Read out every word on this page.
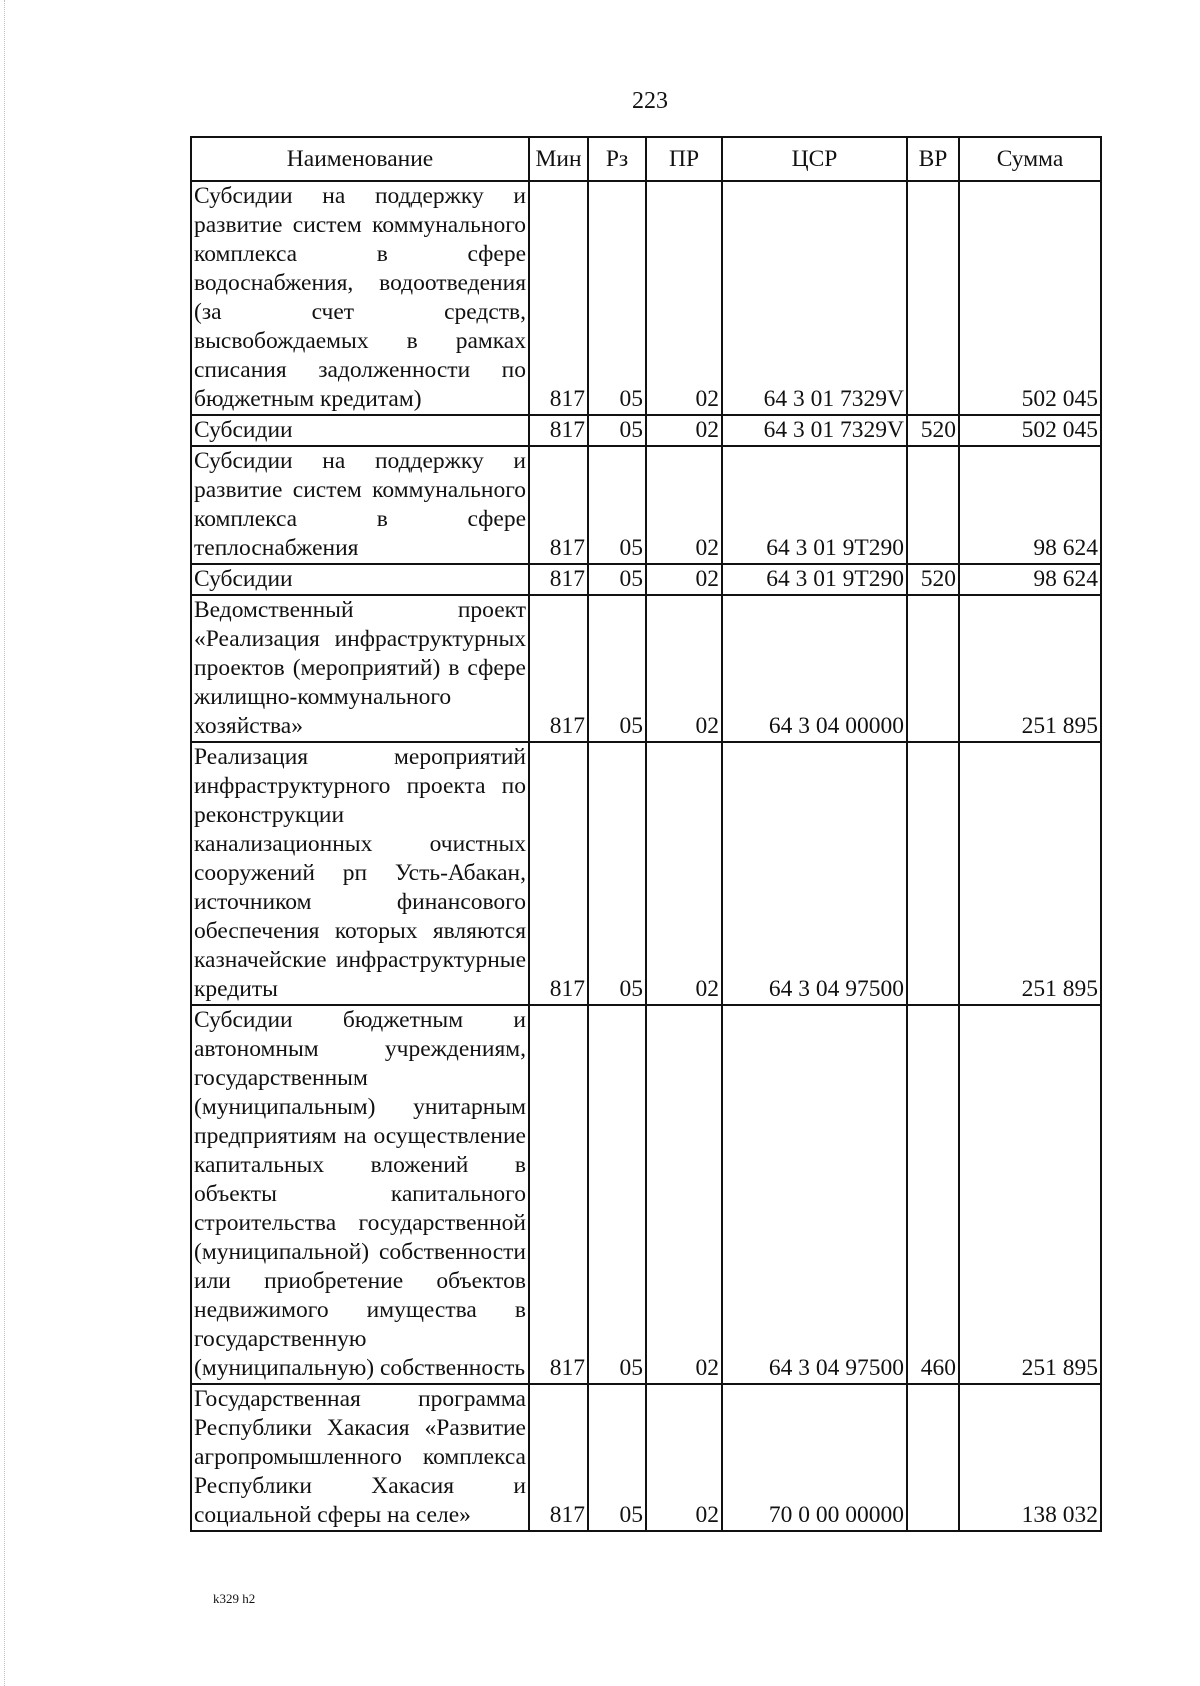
223
Наименование	Мин	Рз	ПР	ЦСР	ВР	Сумма
Субсидии на поддержку и развитие систем коммунального комплекса в сфере водоснабжения, водоотведения (за счет средств, высвобождаемых в рамках списания задолженности по бюджетным кредитам)	817	05	02	64 3 01 7329V		502 045
Субсидии	817	05	02	64 3 01 7329V	520	502 045
Субсидии на поддержку и развитие систем коммунального комплекса в сфере теплоснабжения	817	05	02	64 3 01 9Т290		98 624
Субсидии	817	05	02	64 3 01 9Т290	520	98 624
Ведомственный проект «Реализация инфраструктурных проектов (мероприятий) в сфере жилищно-коммунального хозяйства»	817	05	02	64 3 04 00000		251 895
Реализация мероприятий инфраструктурного проекта по реконструкции канализационных очистных сооружений рп Усть-Абакан, источником финансового обеспечения которых являются казначейские инфраструктурные кредиты	817	05	02	64 3 04 97500		251 895
Субсидии бюджетным и автономным учреждениям, государственным (муниципальным) унитарным предприятиям на осуществление капитальных вложений в объекты капитального строительства государственной (муниципальной) собственности или приобретение объектов недвижимого имущества в государственную (муниципальную) собственность	817	05	02	64 3 04 97500	460	251 895
Государственная программа Республики Хакасия «Развитие агропромышленного комплекса Республики Хакасия и социальной сферы на селе»	817	05	02	70 0 00 00000		138 032
k329 h2
